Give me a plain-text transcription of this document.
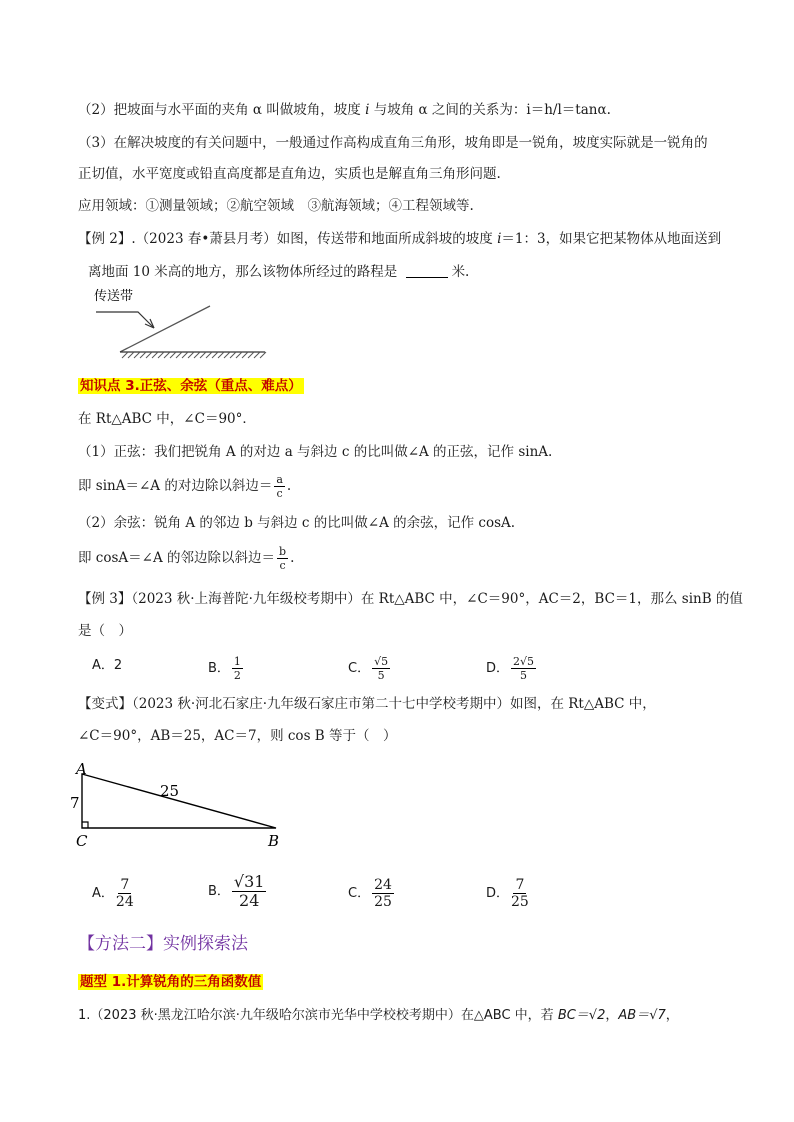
（2）把坡面与水平面的夹角 α 叫做坡角，坡度 i 与坡角 α 之间的关系为：i＝h/l＝tanα.
（3）在解决坡度的有关问题中，一般通过作高构成直角三角形，坡角即是一锐角，坡度实际就是一锐角的
正切值，水平宽度或铅直高度都是直角边，实质也是解直角三角形问题.
应用领域：①测量领域；②航空领域　③航海领域；④工程领域等.
【例 2】.（2023 春•萧县月考）如图，传送带和地面所成斜坡的坡度 i＝1：3，如果它把某物体从地面送到
离地面 10 米高的地方，那么该物体所经过的路程是	米.
传送带
知识点 3.正弦、余弦（重点、难点）
在 Rt△ABC 中，∠C＝90°．
（1）正弦：我们把锐角 A 的对边 a 与斜边 c 的比叫做∠A 的正弦，记作 sinA.
即 sinA＝∠A 的对边除以斜边＝ $\frac{a}{c}$ .
（2）余弦：锐角 A 的邻边 b 与斜边 c 的比叫做∠A 的余弦，记作 cosA.
即 cosA＝∠A 的邻边除以斜边＝ $\frac{b}{c}$ .
【例 3】（2023 秋·上海普陀·九年级校考期中）在 Rt△ABC 中，∠C＝90°，AC＝2，BC＝1，那么 sinB 的值
是（　）
A．2	B． $\frac{1}{2}$	C． $\frac{√5}{5}$	D． $\frac{2√5}{5}$
【变式】（2023 秋·河北石家庄·九年级石家庄市第二十七中学校考期中）如图，在 Rt△ABC 中，
∠C＝90°，AB＝25，AC＝7，则 cos B 等于（　）
A
C	B
7
25
A． $\frac{7}{24}$	B． $\frac{√31}{24}$	C． $\frac{24}{25}$	D． $\frac{7}{25}$
【方法二】实例探索法
题型 1.计算锐角的三角函数值
1.（2023 秋·黑龙江哈尔滨·九年级哈尔滨市光华中学校校考期中）在△ABC 中，若 BC＝√2，AB＝√7，
